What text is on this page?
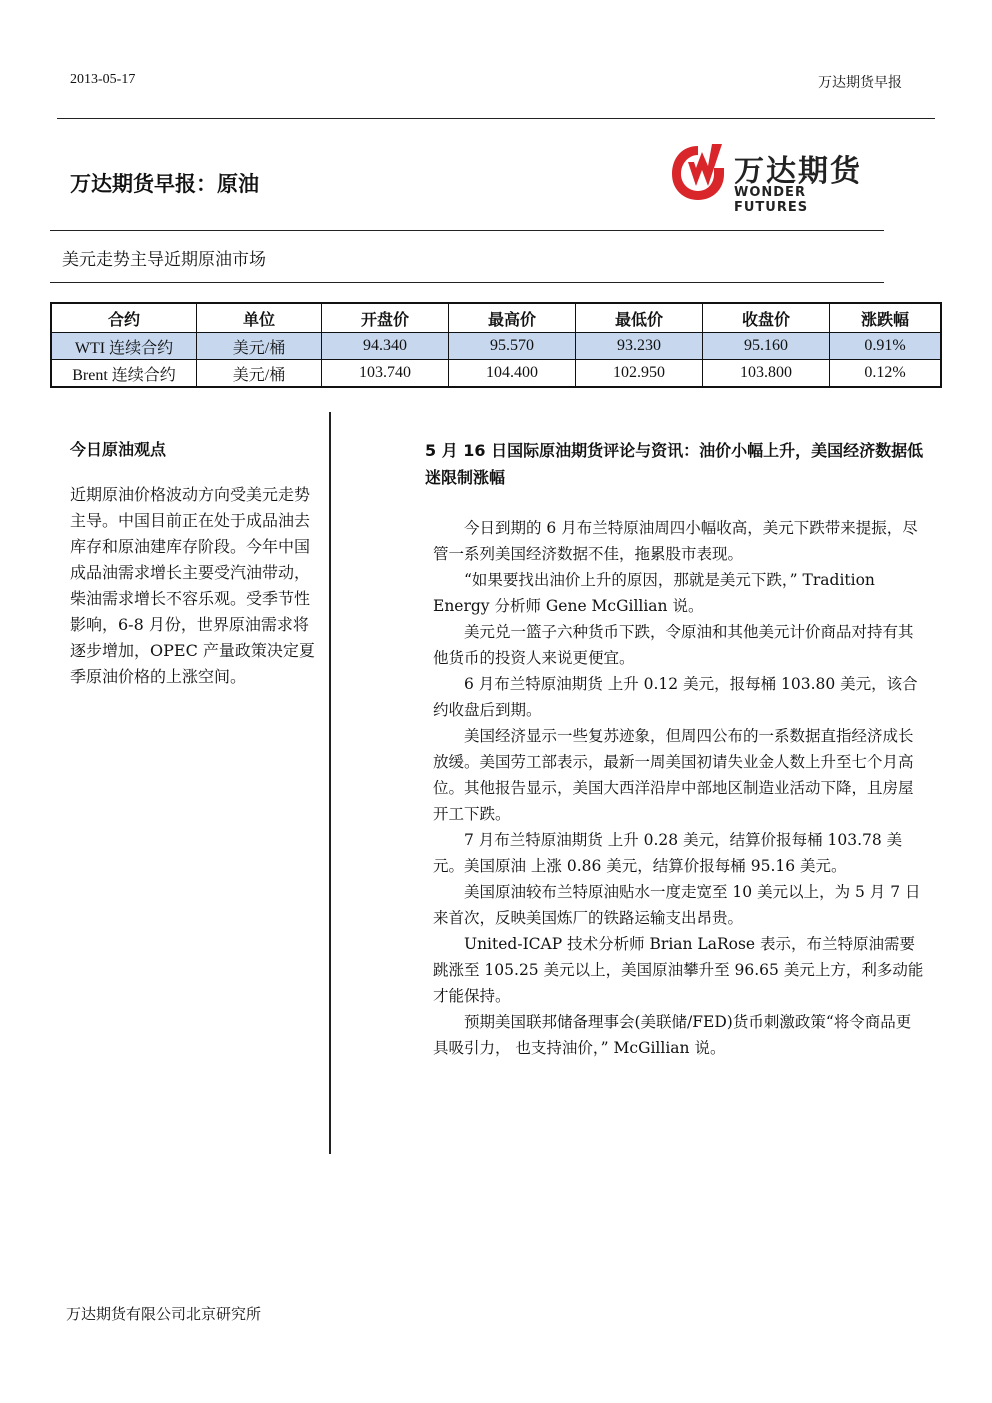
2013-05-17	万达期货早报
万达期货早报：原油	万达期货
WONDER FUTURES
美元走势主导近期原油市场
合约	单位	开盘价	最高价	最低价	收盘价	涨跌幅
WTI 连续合约	美元/桶	94.340	95.570	93.230	95.160	0.91%
Brent 连续合约	美元/桶	103.740	104.400	102.950	103.800	0.12%
今日原油观点

近期原油价格波动方向受美元走势主导。中国目前正在处于成品油去库存和原油建库存阶段。今年中国成品油需求增长主要受汽油带动，柴油需求增长不容乐观。受季节性影响，6-8 月份，世界原油需求将逐步增加，OPEC 产量政策决定夏季原油价格的上涨空间。

5 月 16 日国际原油期货评论与资讯：油价小幅上升，美国经济数据低迷限制涨幅

今日到期的 6 月布兰特原油周四小幅收高，美元下跌带来提振，尽管一系列美国经济数据不佳，拖累股市表现。

“如果要找出油价上升的原因，那就是美元下跌，” Tradition Energy 分析师 Gene McGillian 说。

美元兑一篮子六种货币下跌，令原油和其他美元计价商品对持有其他货币的投资人来说更便宜。

6 月布兰特原油期货 上升 0.12 美元，报每桶 103.80 美元，该合约收盘后到期。

美国经济显示一些复苏迹象，但周四公布的一系数据直指经济成长放缓。美国劳工部表示，最新一周美国初请失业金人数上升至七个月高位。其他报告显示，美国大西洋沿岸中部地区制造业活动下降，且房屋开工下跌。

7 月布兰特原油期货 上升 0.28 美元，结算价报每桶 103.78 美元。美国原油 上涨 0.86 美元，结算价报每桶 95.16 美元。

美国原油较布兰特原油贴水一度走宽至 10 美元以上，为 5 月 7 日来首次，反映美国炼厂的铁路运输支出昂贵。

United-ICAP 技术分析师 Brian LaRose 表示，布兰特原油需要跳涨至 105.25 美元以上，美国原油攀升至 96.65 美元上方，利多动能才能保持。

预期美国联邦储备理事会(美联储/FED)货币刺激政策“将令商品更具吸引力， 也支持油价，” McGillian 说。

万达期货有限公司北京研究所
